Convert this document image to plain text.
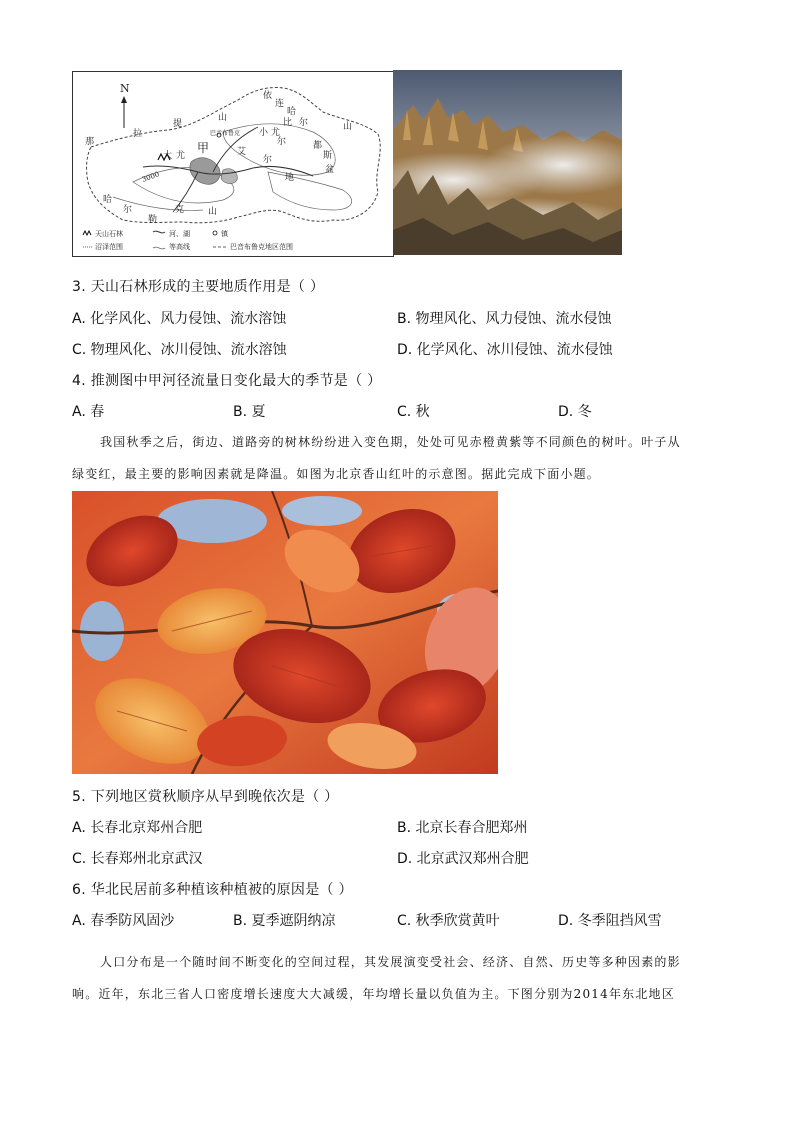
N
那
拉
提
大 尤
甲
巴音布鲁克
山
依
连
哈
比 尔	山
小 尤
尔
艾
尔
都
斯
盆
地
哈
尔	克	山
勒
3000
天山石林	河、湖	镇
沼泽范围	等高线	巴音布鲁克地区范围
3. 天山石林形成的主要地质作用是（ ）
A. 化学风化、风力侵蚀、流水溶蚀	B. 物理风化、风力侵蚀、流水侵蚀
C. 物理风化、冰川侵蚀、流水溶蚀	D. 化学风化、冰川侵蚀、流水侵蚀
4. 推测图中甲河径流量日变化最大的季节是（ ）
A. 春	B. 夏	C. 秋	D. 冬
我国秋季之后，街边、道路旁的树林纷纷进入变色期，处处可见赤橙黄紫等不同颜色的树叶。叶子从
绿变红，最主要的影响因素就是降温。如图为北京香山红叶的示意图。据此完成下面小题。
5. 下列地区赏秋顺序从早到晚依次是（ ）
A. 长春北京郑州合肥	B. 北京长春合肥郑州
C. 长春郑州北京武汉	D. 北京武汉郑州合肥
6. 华北民居前多种植该种植被的原因是（ ）
A. 春季防风固沙	B. 夏季遮阴纳凉	C. 秋季欣赏黄叶	D. 冬季阻挡风雪
人口分布是一个随时间不断变化的空间过程，其发展演变受社会、经济、自然、历史等多种因素的影
响。近年，东北三省人口密度增长速度大大减缓，年均增长量以负值为主。下图分别为2014年东北地区
